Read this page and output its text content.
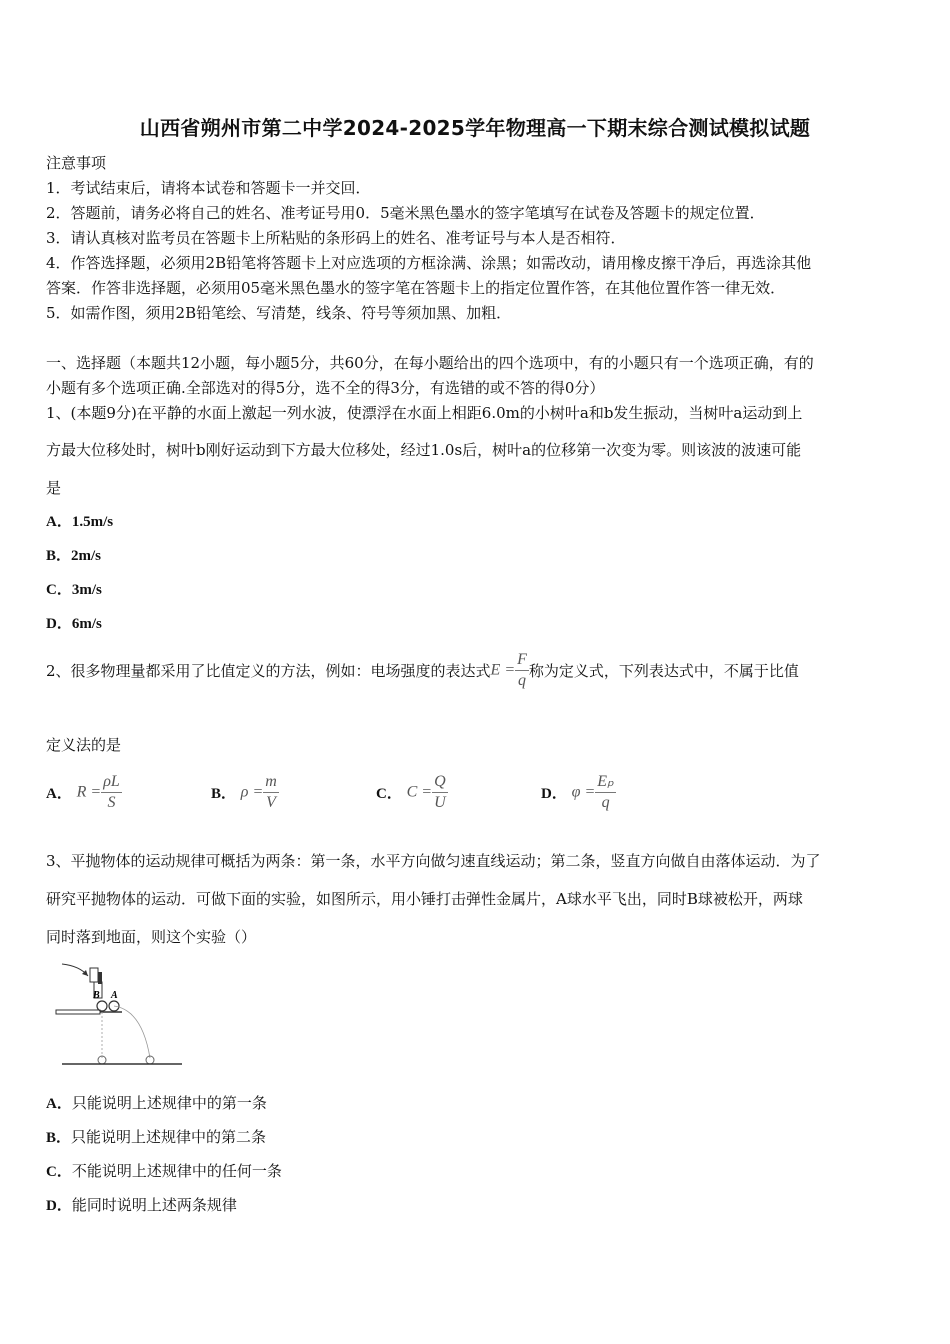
山西省朔州市第二中学2024-2025学年物理高一下期末综合测试模拟试题
注意事项
1．考试结束后，请将本试卷和答题卡一并交回．
2．答题前，请务必将自己的姓名、准考证号用0．5毫米黑色墨水的签字笔填写在试卷及答题卡的规定位置．
3．请认真核对监考员在答题卡上所粘贴的条形码上的姓名、准考证号与本人是否相符．
4．作答选择题，必须用2B铅笔将答题卡上对应选项的方框涂满、涂黑；如需改动，请用橡皮擦干净后，再选涂其他
答案．作答非选择题，必须用05毫米黑色墨水的签字笔在答题卡上的指定位置作答，在其他位置作答一律无效．
5．如需作图，须用2B铅笔绘、写清楚，线条、符号等须加黑、加粗．
一、选择题（本题共12小题，每小题5分，共60分，在每小题给出的四个选项中，有的小题只有一个选项正确，有的
小题有多个选项正确.全部选对的得5分，选不全的得3分，有选错的或不答的得0分）
1、(本题9分)在平静的水面上激起一列水波，使漂浮在水面上相距6.0m的小树叶a和b发生振动，当树叶a运动到上
方最大位移处时，树叶b刚好运动到下方最大位移处，经过1.0s后，树叶a的位移第一次变为零。则该波的波速可能
是
A．1.5m/s
B．2m/s
C．3m/s
D．6m/s
2、很多物理量都采用了比值定义的方法，例如：电场强度的表达式$E = \frac{F}{q}$ 称为定义式，下列表达式中，不属于比值
定义法的是
A． $R = \frac{\rho L}{S}$	B． $\rho = \frac{m}{V}$	C． $C = \frac{Q}{U}$	D． $\varphi = \frac{\text{Eₚ}}{q}$
3、平抛物体的运动规律可概括为两条：第一条，水平方向做匀速直线运动；第二条，竖直方向做自由落体运动．为了
研究平抛物体的运动．可做下面的实验，如图所示，用小锤打击弹性金属片，A球水平飞出，同时B球被松开，两球
同时落到地面，则这个实验（）
B A
A．只能说明上述规律中的第一条
B．只能说明上述规律中的第二条
C．不能说明上述规律中的任何一条
D．能同时说明上述两条规律
